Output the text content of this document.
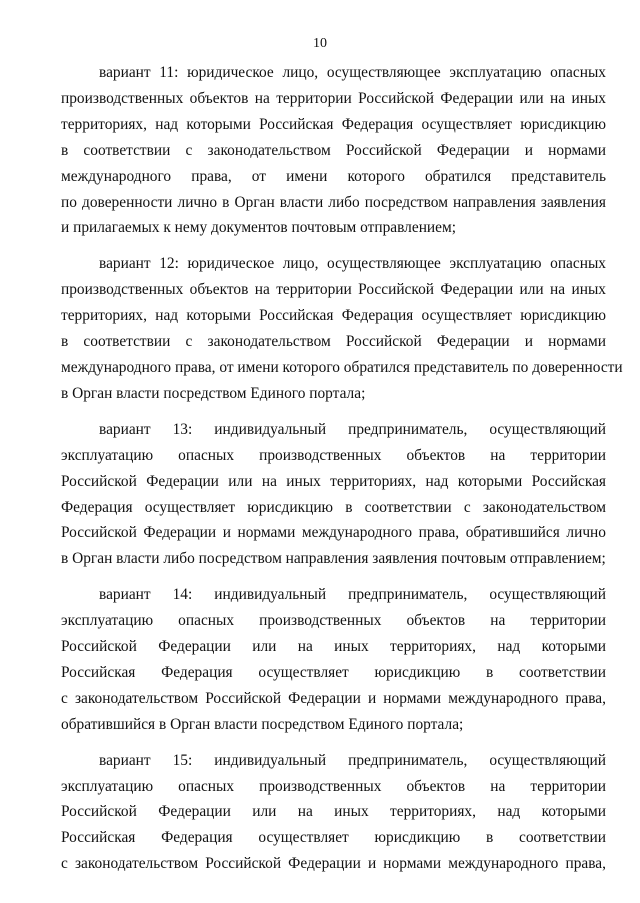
10
вариант 11: юридическое лицо, осуществляющее эксплуатацию опасных
производственных объектов на территории Российской Федерации или на иных
территориях, над которыми Российская Федерация осуществляет юрисдикцию
в соответствии с законодательством Российской Федерации и нормами
международного права, от имени которого обратился представитель
по доверенности лично в Орган власти либо посредством направления заявления
и прилагаемых к нему документов почтовым отправлением;
вариант 12: юридическое лицо, осуществляющее эксплуатацию опасных
производственных объектов на территории Российской Федерации или на иных
территориях, над которыми Российская Федерация осуществляет юрисдикцию
в соответствии с законодательством Российской Федерации и нормами
международного права, от имени которого обратился представитель по доверенности
в Орган власти посредством Единого портала;
вариант 13: индивидуальный предприниматель, осуществляющий
эксплуатацию опасных производственных объектов на территории
Российской Федерации или на иных территориях, над которыми Российская
Федерация осуществляет юрисдикцию в соответствии с законодательством
Российской Федерации и нормами международного права, обратившийся лично
в Орган власти либо посредством направления заявления почтовым отправлением;
вариант 14: индивидуальный предприниматель, осуществляющий
эксплуатацию опасных производственных объектов на территории
Российской Федерации или на иных территориях, над которыми
Российская Федерация осуществляет юрисдикцию в соответствии
с законодательством Российской Федерации и нормами международного права,
обратившийся в Орган власти посредством Единого портала;
вариант 15: индивидуальный предприниматель, осуществляющий
эксплуатацию опасных производственных объектов на территории
Российской Федерации или на иных территориях, над которыми
Российская Федерация осуществляет юрисдикцию в соответствии
с законодательством Российской Федерации и нормами международного права,
